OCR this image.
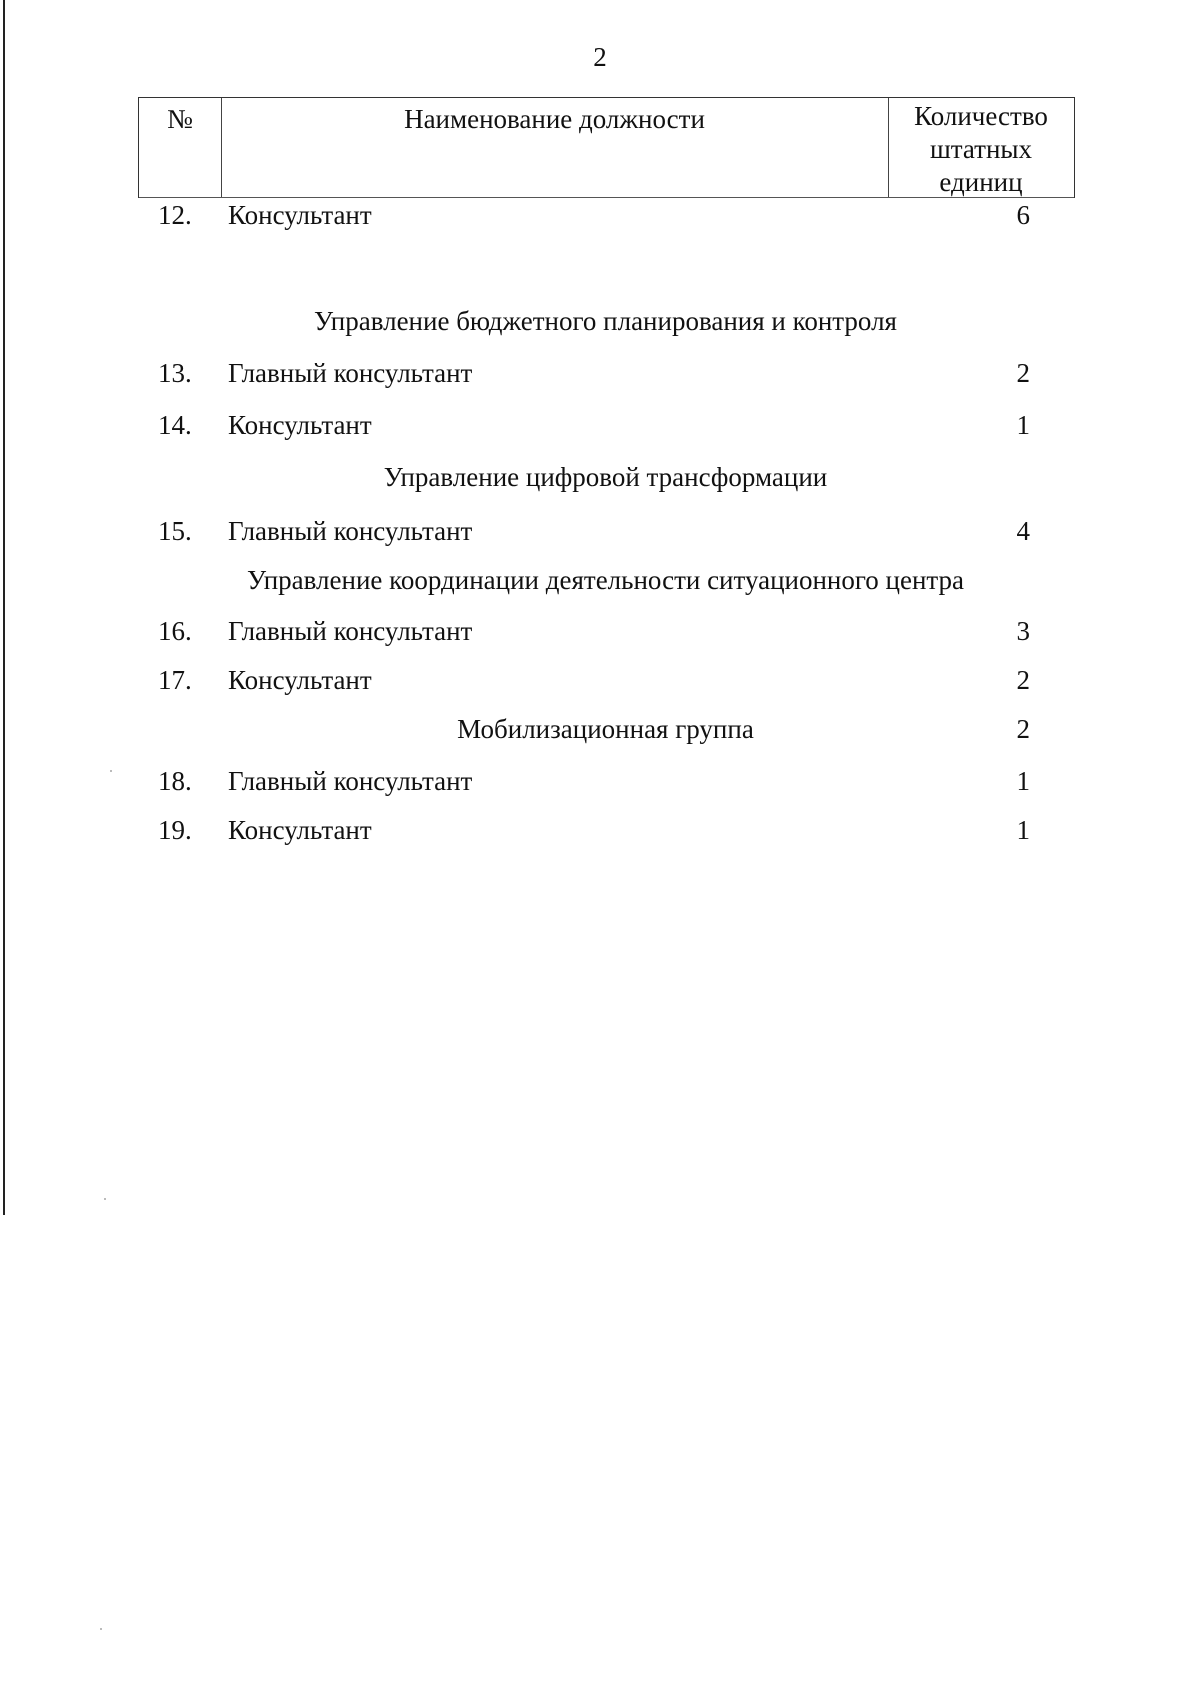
2
№	Наименование должности	Количество
штатных
единиц
12.	Консультант	6
Управление бюджетного планирования и контроля
13.	Главный консультант	2
14.	Консультант	1
Управление цифровой трансформации
15.	Главный консультант	4
Управление координации деятельности ситуационного центра
16.	Главный консультант	3
17.	Консультант	2
Мобилизационная группа	2
18.	Главный консультант	1
19.	Консультант	1
